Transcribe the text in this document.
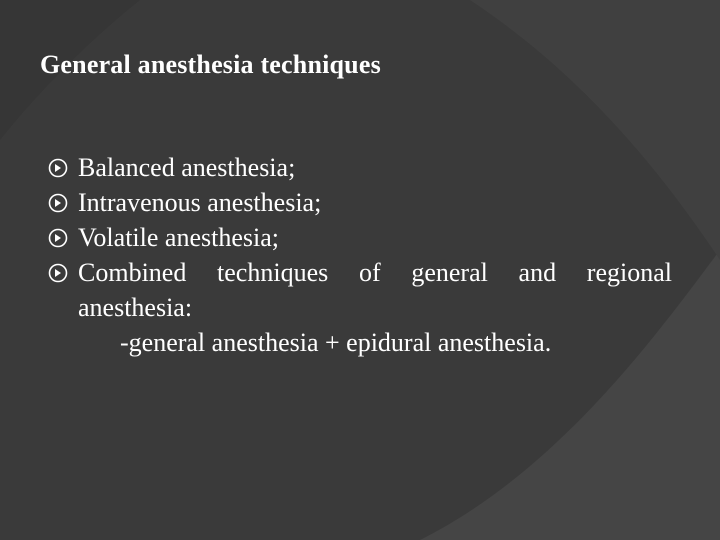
General anesthesia techniques
Balanced anesthesia;
Intravenous anesthesia;
Volatile anesthesia;
Combined techniques of general and regional
anesthesia:
-general anesthesia + epidural anesthesia.
